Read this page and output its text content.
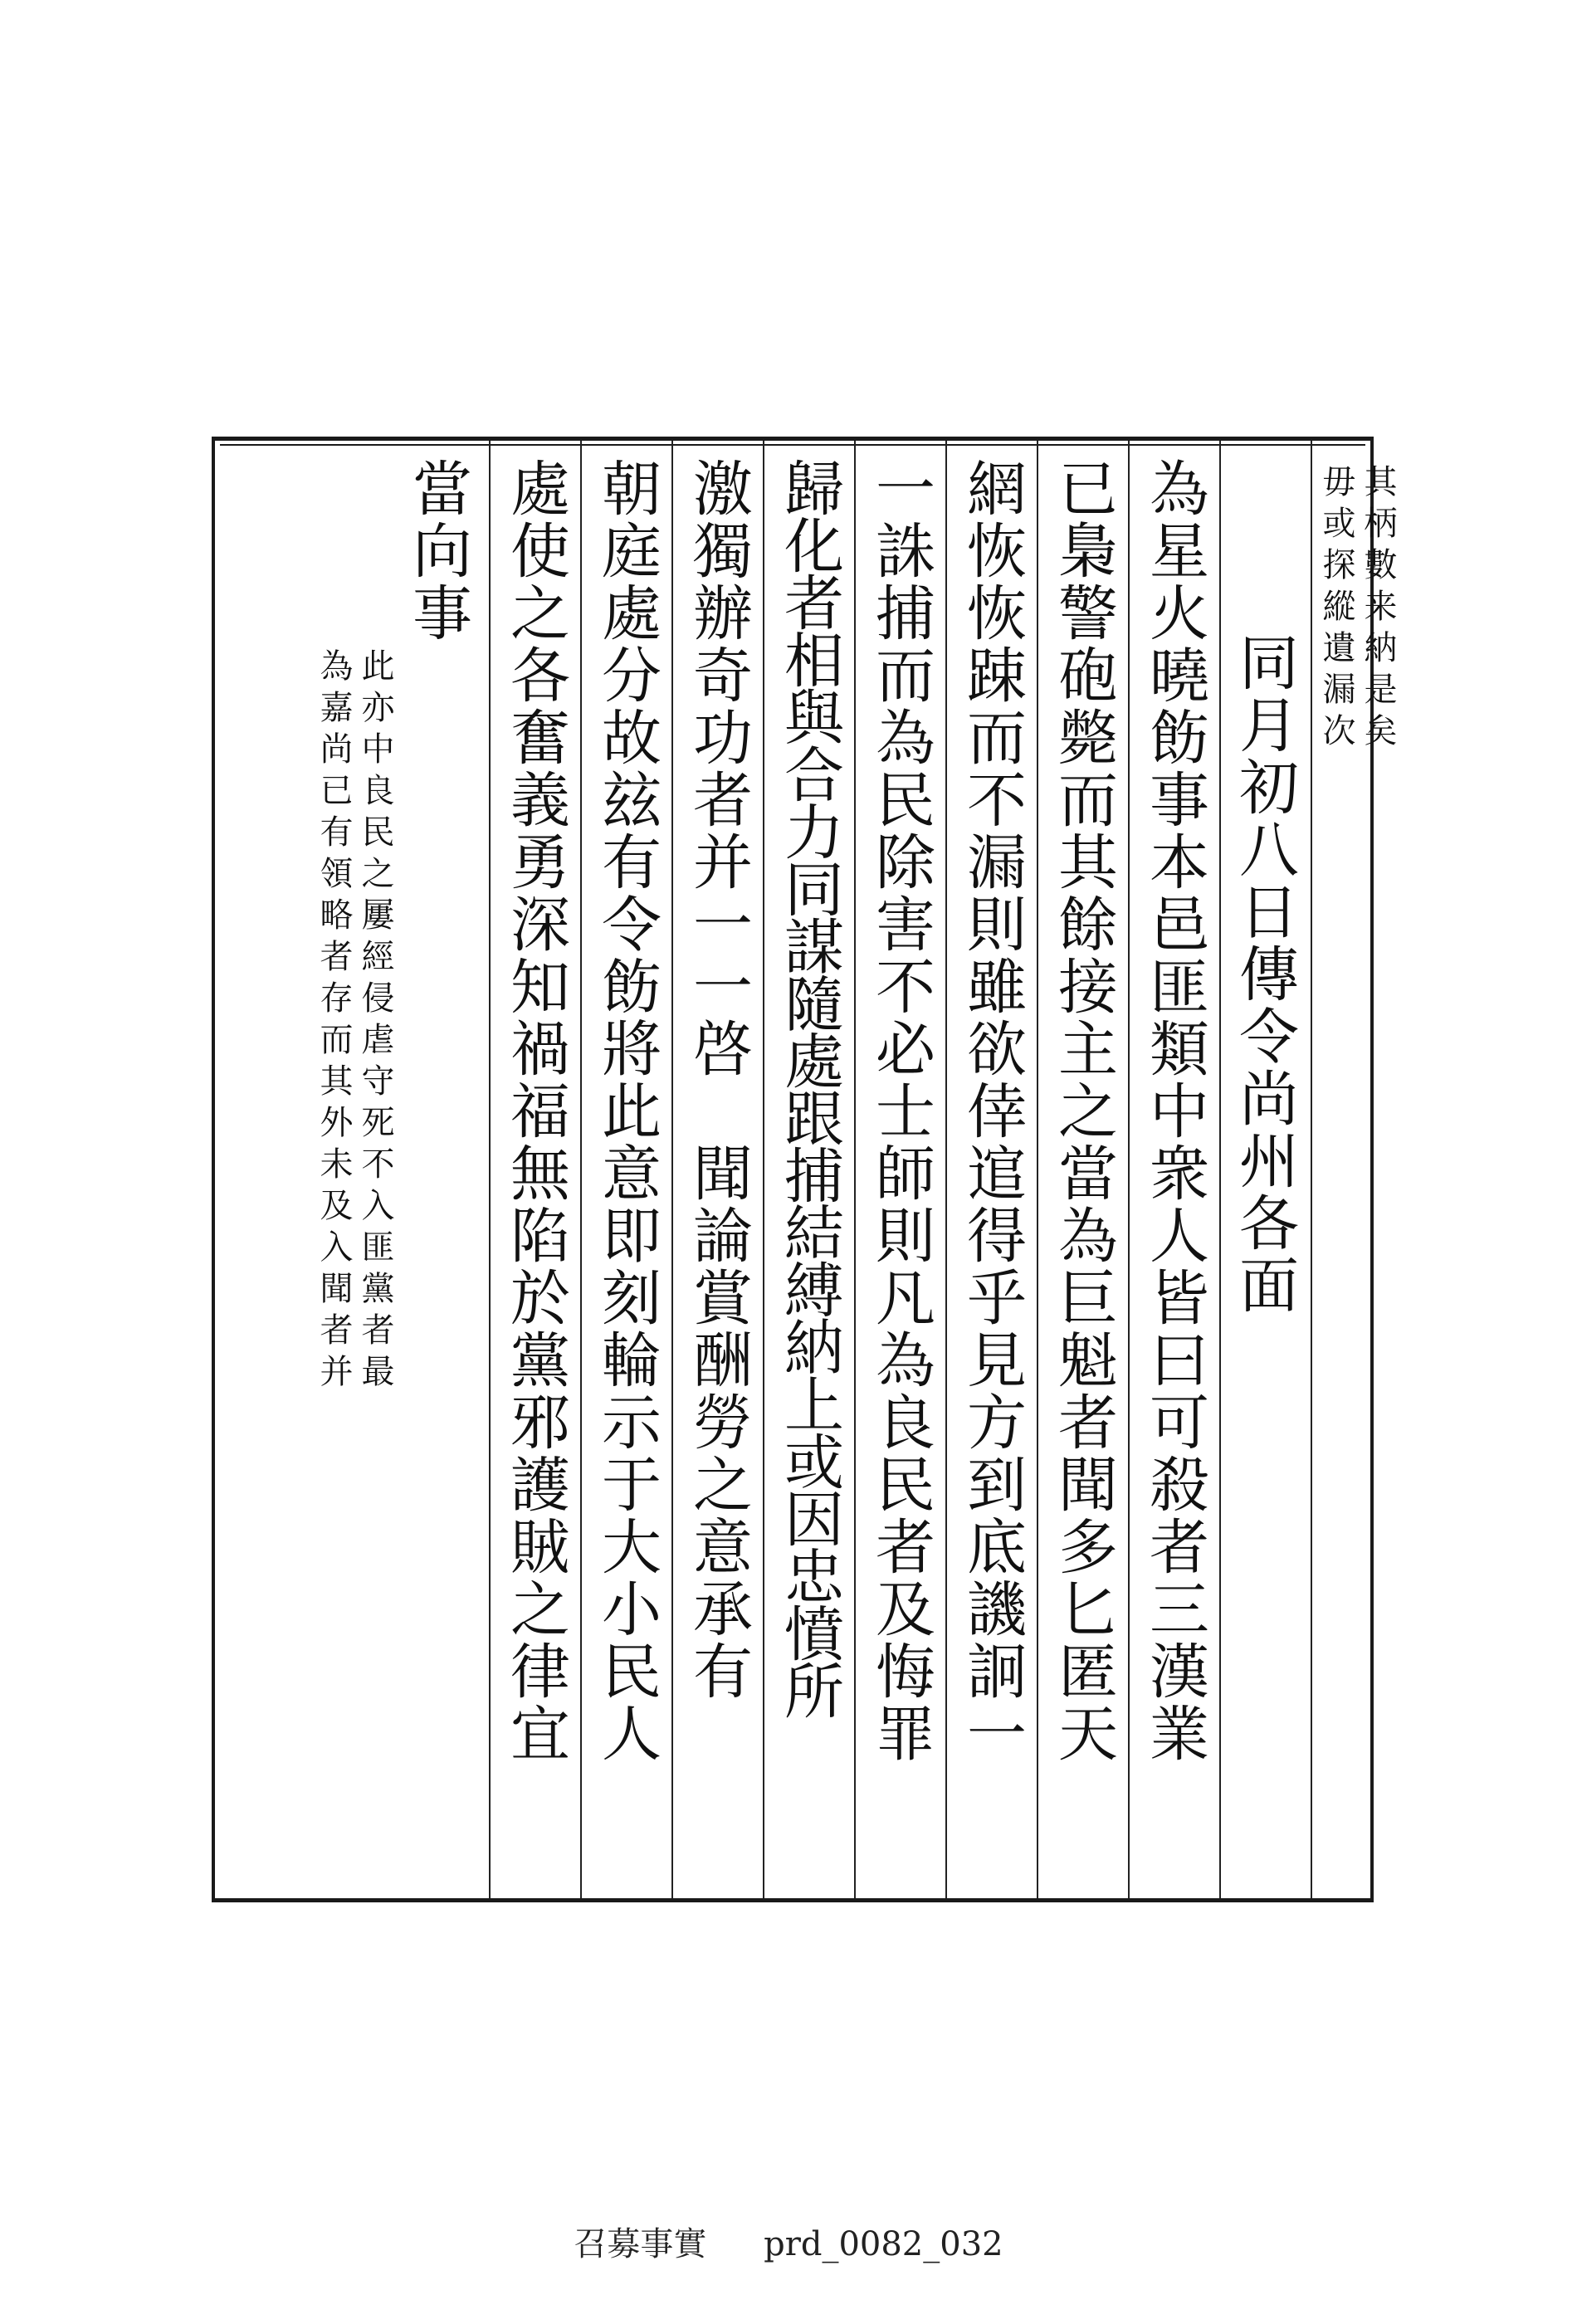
其柄數来納是矣
毋或探縱遺漏次
同月初八日傳令尚州各面
為星火曉飭事本邑匪類中衆人皆曰可殺者三漢業
已梟警砲斃而其餘接主之當為巨魁者聞多匕匿天
網恢恢踈而不漏則雖欲倖逭得乎見方到底譏詗一
一誅捕而為民除害不必士師則凡為良民者及悔罪
歸化者相與合力同謀隨處跟捕結縛納上或因忠憤所
激獨辦奇功者并一一啓　聞論賞酬勞之意承有
朝庭處分故玆有令飭將此意即刻輪示于大小民人
處使之各奮義勇深知禍福無陷於黨邪護賊之律宜
當向事
此亦中良民之屢經侵虐守死不入匪黨者最
為嘉尚已有領略者存而其外未及入聞者并
召募事實 prd_0082_032
